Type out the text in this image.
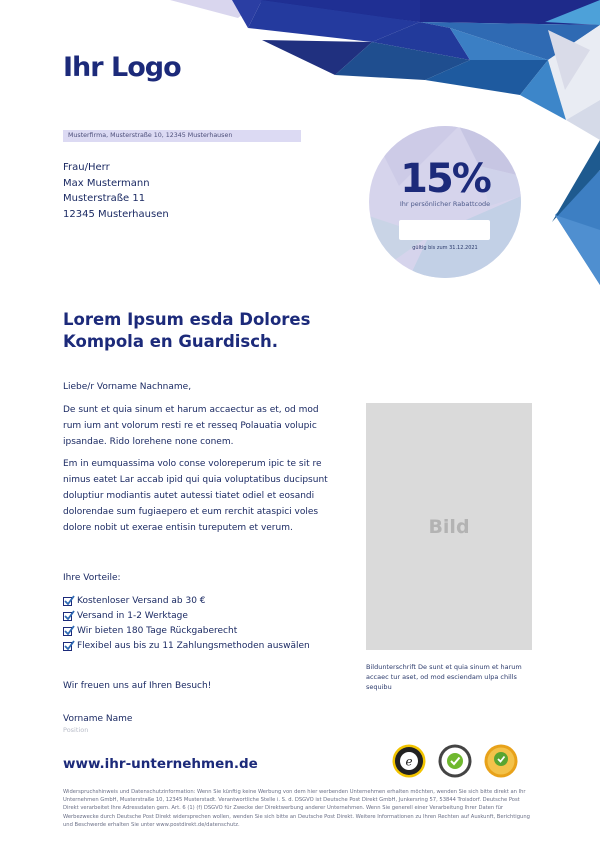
Ihr Logo
Musterfirma, Musterstraße 10, 12345 Musterhausen
Frau/Herr
Max Mustermann
Musterstraße 11
12345 Musterhausen
15%
Ihr persönlicher Rabattcode
gültig bis zum 31.12.2021
Lorem Ipsum esda Dolores Kompola en Guardisch.
Liebe/r Vorname Nachname,
De sunt et quia sinum et harum accaectur as et, od mod rum ium ant volorum resti re et resseq Polauatia volupic ipsandae. Rido lorehene none conem.
Em in eumquassima volo conse voloreperum ipic te sit re nimus eatet Lar accab ipid qui quia voluptatibus ducipsunt doluptiur modiantis autet autessi tiatet odiel et eosandi dolorendae sum fugiaepero et eum rerchit ataspici voles dolore nobit ut exerae entisin tureputem et verum.
Ihre Vorteile:
Kostenloser Versand ab 30 €
Versand in 1-2 Werktage
Wir bieten 180 Tage Rückgaberecht
Flexibel aus bis zu 11 Zahlungsmethoden auswälen
Wir freuen uns auf Ihren Besuch!
Vorname Name
Position
Bild
Bildunterschrift De sunt et quia sinum et harum accaec tur aset, od mod esciendam ulpa chills sequibu
www.ihr-unternehmen.de	e
Widerspruchshinweis und Datenschutzinformation: Wenn Sie künftig keine Werbung von dem hier werbenden Unternehmen erhalten möchten, wenden Sie sich bitte direkt an Ihr Unternehmen GmbH, Musterstraße 10, 12345 Musterstadt. Verantwortliche Stelle i. S. d. DSGVO ist Deutsche Post Direkt GmbH, Junkersring 57, 53844 Troisdorf. Deutsche Post Direkt verarbeitet Ihre Adressdaten gem. Art. 6 (1) (f) DSGVO für Zwecke der Direktwerbung anderer Unternehmen. Wenn Sie generell einer Verarbeitung Ihrer Daten für Werbezwecke durch Deutsche Post Direkt widersprechen wollen, wenden Sie sich bitte an Deutsche Post Direkt. Weitere Informationen zu Ihren Rechten auf Auskunft, Berichtigung und Beschwerde erhalten Sie unter www.postdirekt.de/datenschutz.
